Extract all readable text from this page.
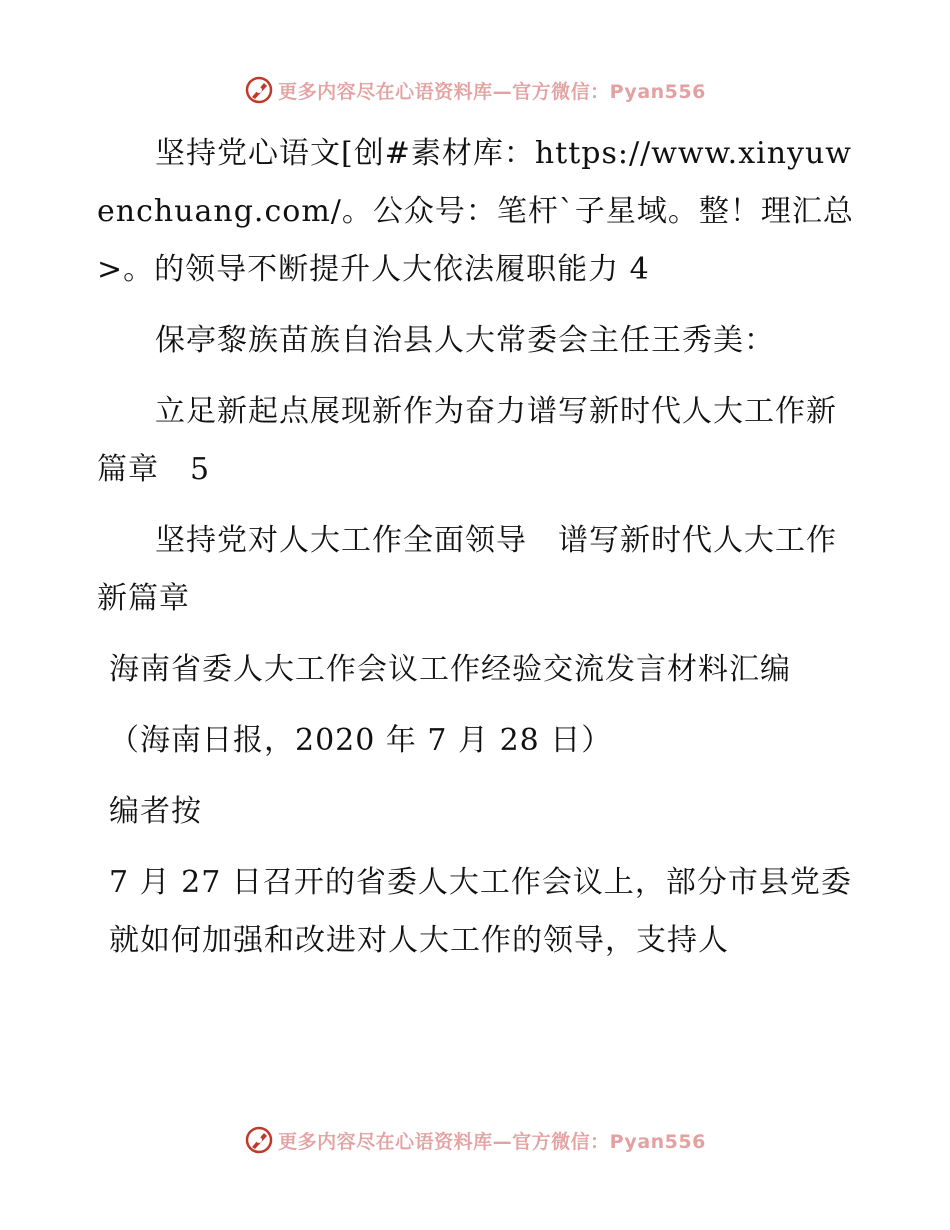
更多内容尽在心语资料库—官方微信：Pyan556

坚持党心语文[创#素材库：https://www.xinyuwenchuang.com/。公众号：笔杆`子星域。整！理汇总>。的领导不断提升人大依法履职能力 4

保亭黎族苗族自治县人大常委会主任王秀美：

立足新起点展现新作为奋力谱写新时代人大工作新篇章　5

坚持党对人大工作全面领导　谱写新时代人大工作新篇章

海南省委人大工作会议工作经验交流发言材料汇编

（海南日报，2020 年 7 月 28 日）

编者按

7 月 27 日召开的省委人大工作会议上，部分市县党委就如何加强和改进对人大工作的领导，支持人

更多内容尽在心语资料库—官方微信：Pyan556
